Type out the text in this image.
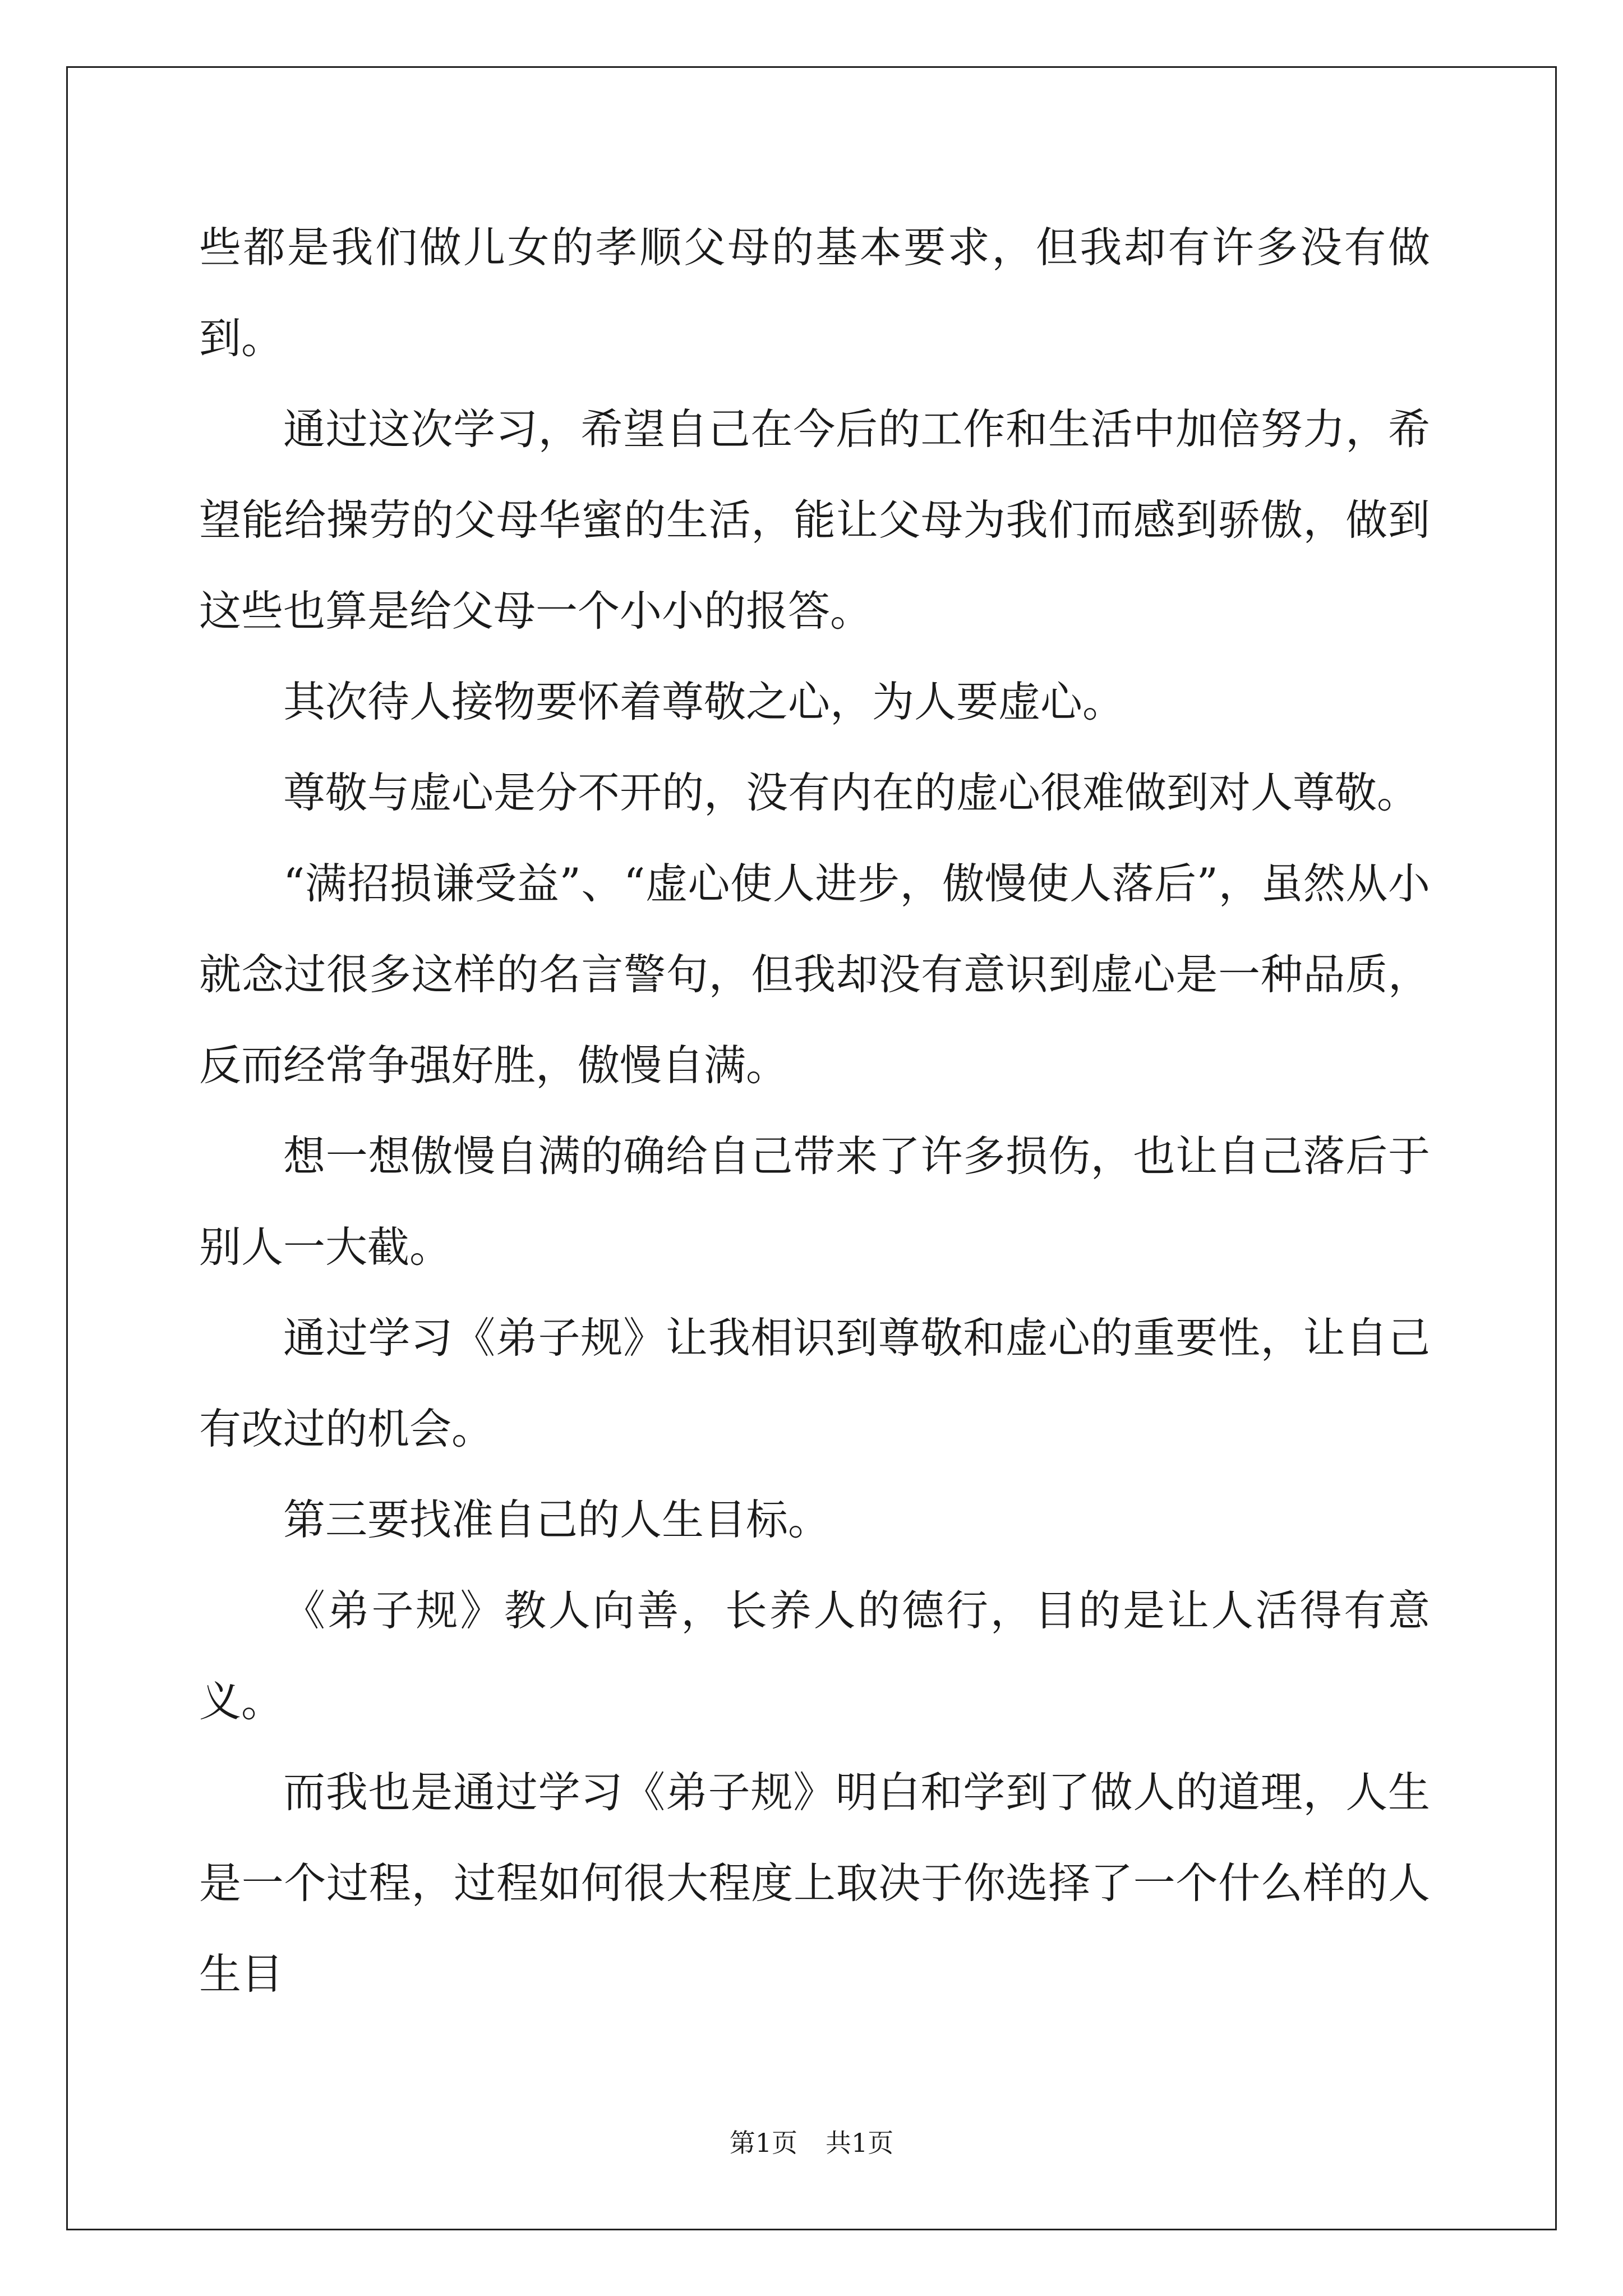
些都是我们做儿女的孝顺父母的基本要求，但我却有许多没有做到。

通过这次学习，希望自己在今后的工作和生活中加倍努力，希望能给操劳的父母华蜜的生活，能让父母为我们而感到骄傲，做到这些也算是给父母一个小小的报答。

其次待人接物要怀着尊敬之心，为人要虚心。

尊敬与虚心是分不开的，没有内在的虚心很难做到对人尊敬。

“满招损谦受益”、“虚心使人进步，傲慢使人落后”，虽然从小就念过很多这样的名言警句，但我却没有意识到虚心是一种品质，反而经常争强好胜，傲慢自满。

想一想傲慢自满的确给自己带来了许多损伤，也让自己落后于别人一大截。

通过学习《弟子规》让我相识到尊敬和虚心的重要性，让自己有改过的机会。

第三要找准自己的人生目标。

《弟子规》教人向善，长养人的德行，目的是让人活得有意义。

而我也是通过学习《弟子规》明白和学到了做人的道理，人生是一个过程，过程如何很大程度上取决于你选择了一个什么样的人生目

第1页 共1页
